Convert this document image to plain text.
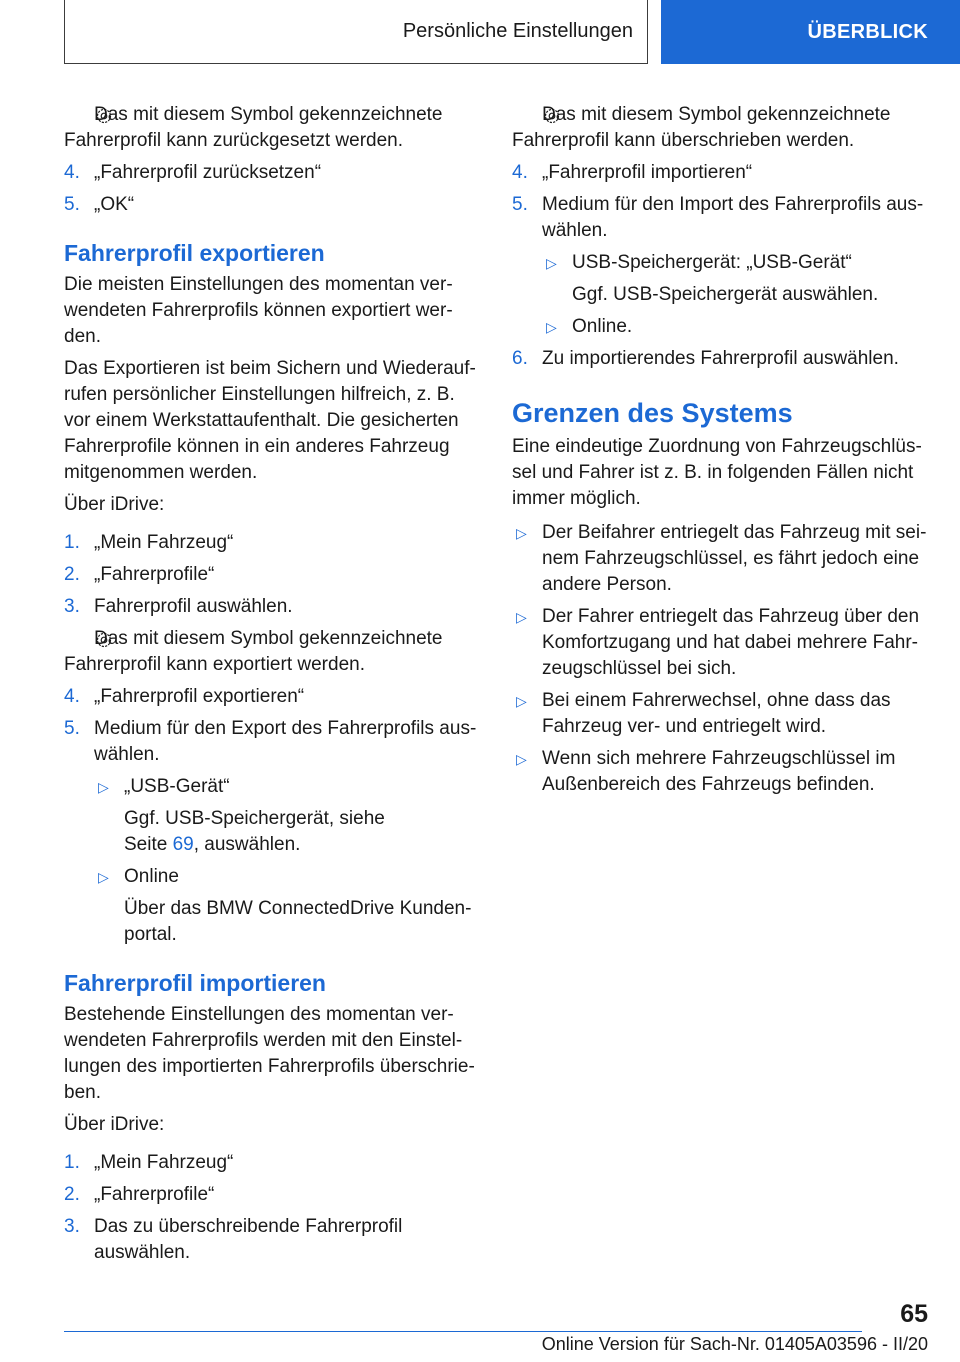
Persönliche Einstellungen	ÜBERBLICK
Das mit diesem Symbol gekennzeichnete Fahrerprofil kann zurückgesetzt werden.
4. „Fahrerprofil zurücksetzen“
5. „OK“
Fahrerprofil exportieren
Die meisten Einstellungen des momentan verwendeten Fahrerprofils können exportiert werden.
Das Exportieren ist beim Sichern und Wiederaufrufen persönlicher Einstellungen hilfreich, z. B. vor einem Werkstattaufenthalt. Die gesicherten Fahrerprofile können in ein anderes Fahrzeug mitgenommen werden.
Über iDrive:
1. „Mein Fahrzeug“
2. „Fahrerprofile“
3. Fahrerprofil auswählen.
Das mit diesem Symbol gekennzeichnete Fahrerprofil kann exportiert werden.
4. „Fahrerprofil exportieren“
5. Medium für den Export des Fahrerprofils auswählen.
▷ „USB-Gerät“
Ggf. USB-Speichergerät, siehe
Seite 69, auswählen.
▷ Online
Über das BMW ConnectedDrive Kundenportal.
Fahrerprofil importieren
Bestehende Einstellungen des momentan verwendeten Fahrerprofils werden mit den Einstellungen des importierten Fahrerprofils überschrieben.
Über iDrive:
1. „Mein Fahrzeug“
2. „Fahrerprofile“
3. Das zu überschreibende Fahrerprofil auswählen.
Das mit diesem Symbol gekennzeichnete Fahrerprofil kann überschrieben werden.
4. „Fahrerprofil importieren“
5. Medium für den Import des Fahrerprofils auswählen.
▷ USB-Speichergerät: „USB-Gerät“
Ggf. USB-Speichergerät auswählen.
▷ Online.
6. Zu importierendes Fahrerprofil auswählen.
Grenzen des Systems
Eine eindeutige Zuordnung von Fahrzeugschlüssel und Fahrer ist z. B. in folgenden Fällen nicht immer möglich.
▷ Der Beifahrer entriegelt das Fahrzeug mit seinem Fahrzeugschlüssel, es fährt jedoch eine andere Person.
▷ Der Fahrer entriegelt das Fahrzeug über den Komfortzugang und hat dabei mehrere Fahrzeugschlüssel bei sich.
▷ Bei einem Fahrerwechsel, ohne dass das Fahrzeug ver- und entriegelt wird.
▷ Wenn sich mehrere Fahrzeugschlüssel im Außenbereich des Fahrzeugs befinden.
65
Online Version für Sach-Nr. 01405A03596 - II/20
